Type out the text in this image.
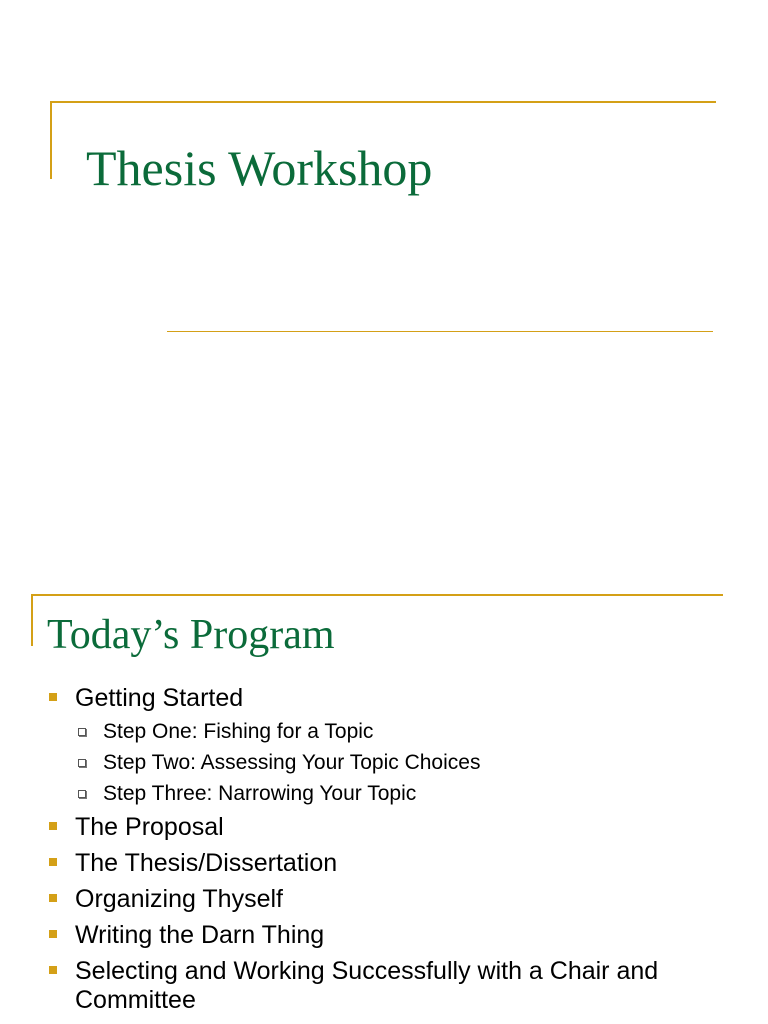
Thesis Workshop
Today’s Program
Getting Started
Step One: Fishing for a Topic
Step Two: Assessing Your Topic Choices
Step Three: Narrowing Your Topic
The Proposal
The Thesis/Dissertation
Organizing Thyself
Writing the Darn Thing
Selecting and Working Successfully with a Chair and Committee
